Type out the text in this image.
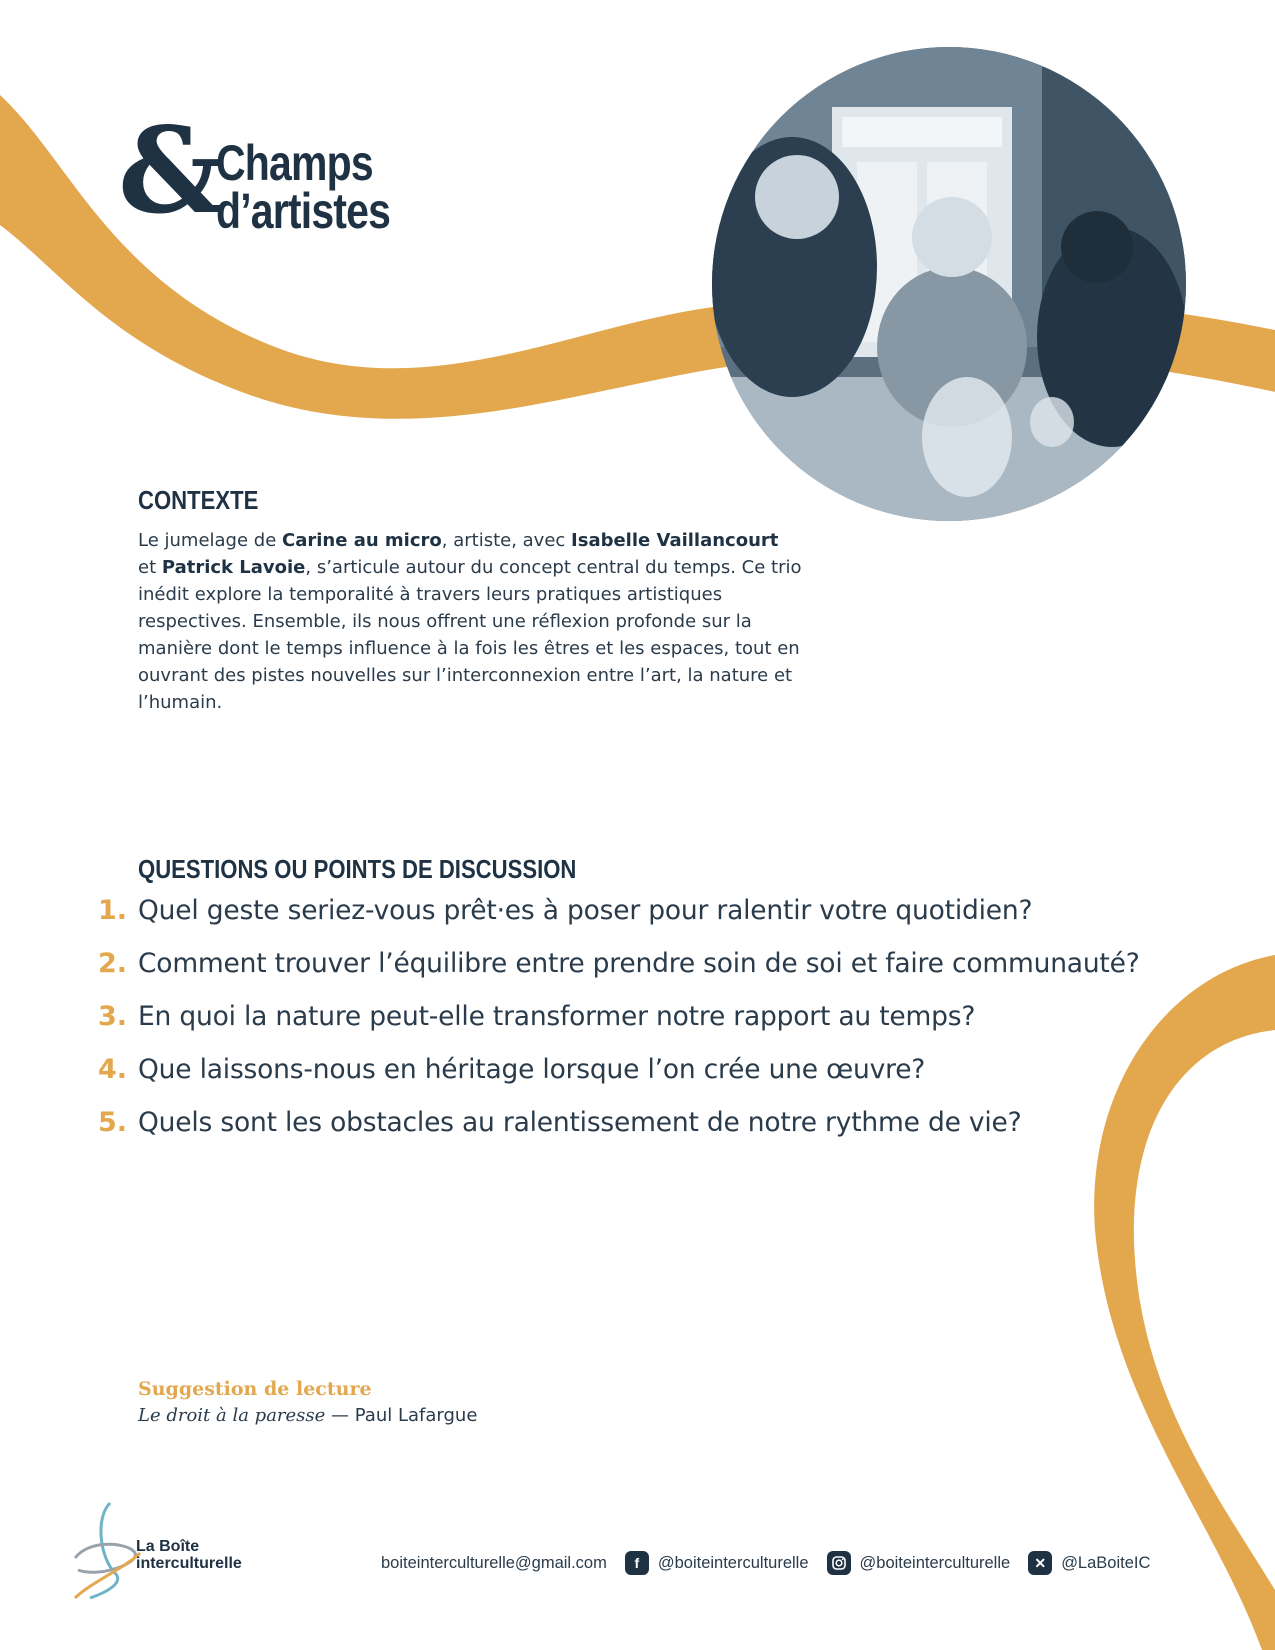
&
Champs
d’artistes
CONTEXTE
Le jumelage de Carine au micro, artiste, avec Isabelle Vaillancourt
et Patrick Lavoie, s’articule autour du concept central du temps. Ce trio inédit explore la temporalité à travers leurs pratiques artistiques respectives. Ensemble, ils nous offrent une réflexion profonde sur la manière dont le temps influence à la fois les êtres et les espaces, tout en ouvrant des pistes nouvelles sur l’interconnexion entre l’art, la nature et l’humain.
QUESTIONS OU POINTS DE DISCUSSION
1. Quel geste seriez-vous prêt·es à poser pour ralentir votre quotidien?
2. Comment trouver l’équilibre entre prendre soin de soi et faire communauté?
3. En quoi la nature peut-elle transformer notre rapport au temps?
4. Que laissons-nous en héritage lorsque l’on crée une œuvre?
5. Quels sont les obstacles au ralentissement de notre rythme de vie?
Suggestion de lecture
Le droit à la paresse — Paul Lafargue
La Boîte
interculturelle	boiteinterculturelle@gmail.com	f	@boiteinterculturelle	@boiteinterculturelle	✕ @LaBoiteIC
